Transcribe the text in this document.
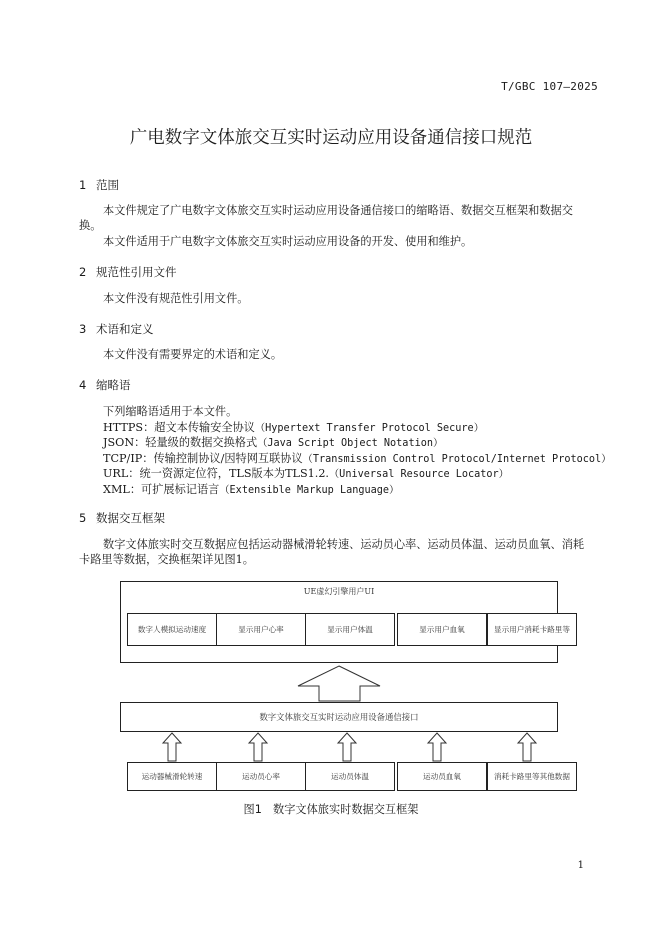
T/GBC 107—2025
广电数字文体旅交互实时运动应用设备通信接口规范
1 范围
本文件规定了广电数字文体旅交互实时运动应用设备通信接口的缩略语、数据交互框架和数据交
换。
本文件适用于广电数字文体旅交互实时运动应用设备的开发、使用和维护。
2 规范性引用文件
本文件没有规范性引用文件。
3 术语和定义
本文件没有需要界定的术语和定义。
4 缩略语
下列缩略语适用于本文件。
HTTPS：超文本传输安全协议（Hypertext Transfer Protocol Secure）
JSON：轻量级的数据交换格式（Java Script Object Notation）
TCP/IP：传输控制协议/因特网互联协议（Transmission Control Protocol/Internet Protocol）
URL：统一资源定位符，TLS版本为TLS1.2.（Universal Resource Locator）
XML：可扩展标记语言（Extensible Markup Language）
5 数据交互框架
数字文体旅实时交互数据应包括运动器械滑轮转速、运动员心率、运动员体温、运动员血氧、消耗
卡路里等数据，交换框架详见图1。
UE虚幻引擎用户UI
数字人模拟运动速度	显示用户心率	显示用户体温	显示用户血氧	显示用户消耗卡路里等
数字文体旅交互实时运动应用设备通信接口
运动器械滑轮转速	运动员心率	运动员体温	运动员血氧	消耗卡路里等其他数据
图1　数字文体旅实时数据交互框架
1
